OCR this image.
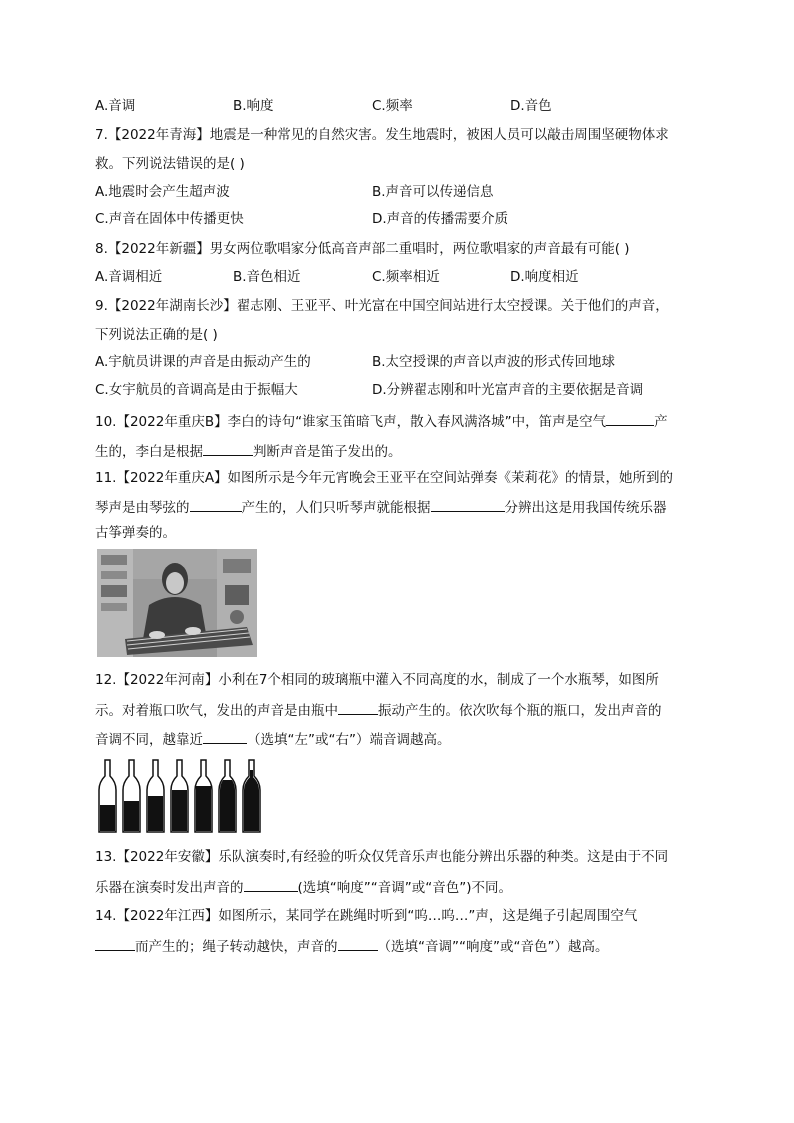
A.音调	B.响度	C.频率	D.音色
7.【2022年青海】地震是一种常见的自然灾害。发生地震时，被困人员可以敲击周围坚硬物体求
救。下列说法错误的是( )
A.地震时会产生超声波	B.声音可以传递信息
C.声音在固体中传播更快	D.声音的传播需要介质
8.【2022年新疆】男女两位歌唱家分低高音声部二重唱时，两位歌唱家的声音最有可能( )
A.音调相近	B.音色相近	C.频率相近	D.响度相近
9.【2022年湖南长沙】翟志刚、王亚平、叶光富在中国空间站进行太空授课。关于他们的声音，
下列说法正确的是( )
A.宇航员讲课的声音是由振动产生的	B.太空授课的声音以声波的形式传回地球
C.女宇航员的音调高是由于振幅大	D.分辨翟志刚和叶光富声音的主要依据是音调
10.【2022年重庆B】李白的诗句“谁家玉笛暗飞声，散入春风满洛城”中，笛声是空气	产
生的，李白是根据	判断声音是笛子发出的。
11.【2022年重庆A】如图所示是今年元宵晚会王亚平在空间站弹奏《茉莉花》的情景，她所到的
琴声是由琴弦的	产生的，人们只听琴声就能根据	分辨出这是用我国传统乐器
古筝弹奏的。
12.【2022年河南】小利在7个相同的玻璃瓶中灌入不同高度的水，制成了一个水瓶琴，如图所
示。对着瓶口吹气，发出的声音是由瓶中	振动产生的。依次吹每个瓶的瓶口，发出声音的
音调不同，越靠近	（选填“左”或“右”）端音调越高。
13.【2022年安徽】乐队演奏时,有经验的听众仅凭音乐声也能分辨出乐器的种类。这是由于不同
乐器在演奏时发出声音的	(选填“响度”“音调”或“音色”)不同。
14.【2022年江西】如图所示，某同学在跳绳时听到“呜…呜…”声，这是绳子引起周围空气
而产生的；绳子转动越快，声音的	（选填“音调”“响度”或“音色”）越高。
